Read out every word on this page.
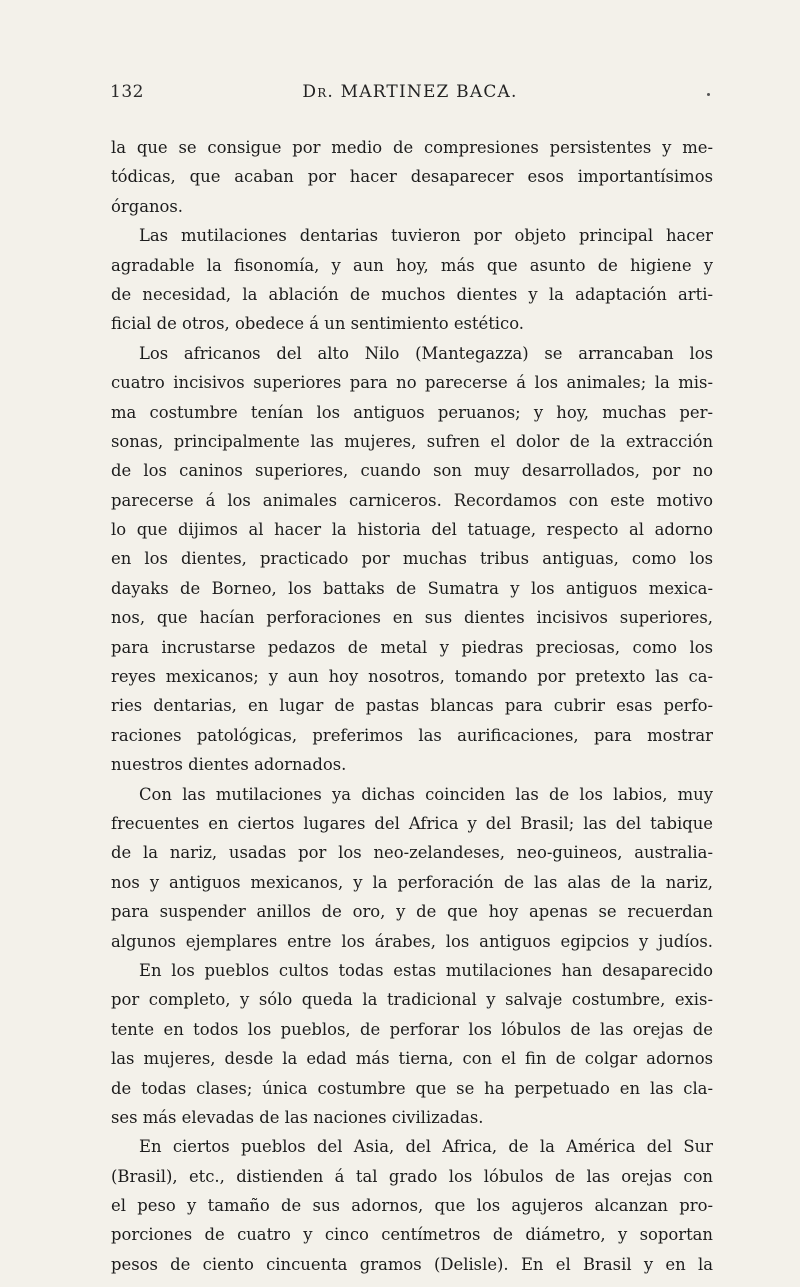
132	Dr. MARTINEZ BACA.
la que se consigue por medio de compresiones persistentes y me-
tódicas, que acaban por hacer desaparecer esos importantísimos
órganos.
Las mutilaciones dentarias tuvieron por objeto principal hacer
agradable la fisonomía, y aun hoy, más que asunto de higiene y
de necesidad, la ablación de muchos dientes y la adaptación arti-
ficial de otros, obedece á un sentimiento estético.
Los africanos del alto Nilo (Mantegazza) se arrancaban los
cuatro incisivos superiores para no parecerse á los animales; la mis-
ma costumbre tenían los antiguos peruanos; y hoy, muchas per-
sonas, principalmente las mujeres, sufren el dolor de la extracción
de los caninos superiores, cuando son muy desarrollados, por no
parecerse á los animales carniceros. Recordamos con este motivo
lo que dijimos al hacer la historia del tatuage, respecto al adorno
en los dientes, practicado por muchas tribus antiguas, como los
dayaks de Borneo, los battaks de Sumatra y los antiguos mexica-
nos, que hacían perforaciones en sus dientes incisivos superiores,
para incrustarse pedazos de metal y piedras preciosas, como los
reyes mexicanos; y aun hoy nosotros, tomando por pretexto las ca-
ries dentarias, en lugar de pastas blancas para cubrir esas perfo-
raciones patológicas, preferimos las aurificaciones, para mostrar
nuestros dientes adornados.
Con las mutilaciones ya dichas coinciden las de los labios, muy
frecuentes en ciertos lugares del Africa y del Brasil; las del tabique
de la nariz, usadas por los neo-zelandeses, neo-guineos, australia-
nos y antiguos mexicanos, y la perforación de las alas de la nariz,
para suspender anillos de oro, y de que hoy apenas se recuerdan
algunos ejemplares entre los árabes, los antiguos egipcios y judíos.
En los pueblos cultos todas estas mutilaciones han desaparecido
por completo, y sólo queda la tradicional y salvaje costumbre, exis-
tente en todos los pueblos, de perforar los lóbulos de las orejas de
las mujeres, desde la edad más tierna, con el fin de colgar adornos
de todas clases; única costumbre que se ha perpetuado en las cla-
ses más elevadas de las naciones civilizadas.
En ciertos pueblos del Asia, del Africa, de la América del Sur
(Brasil), etc., distienden á tal grado los lóbulos de las orejas con
el peso y tamaño de sus adornos, que los agujeros alcanzan pro-
porciones de cuatro y cinco centímetros de diámetro, y soportan
pesos de ciento cincuenta gramos (Delisle). En el Brasil y en la
